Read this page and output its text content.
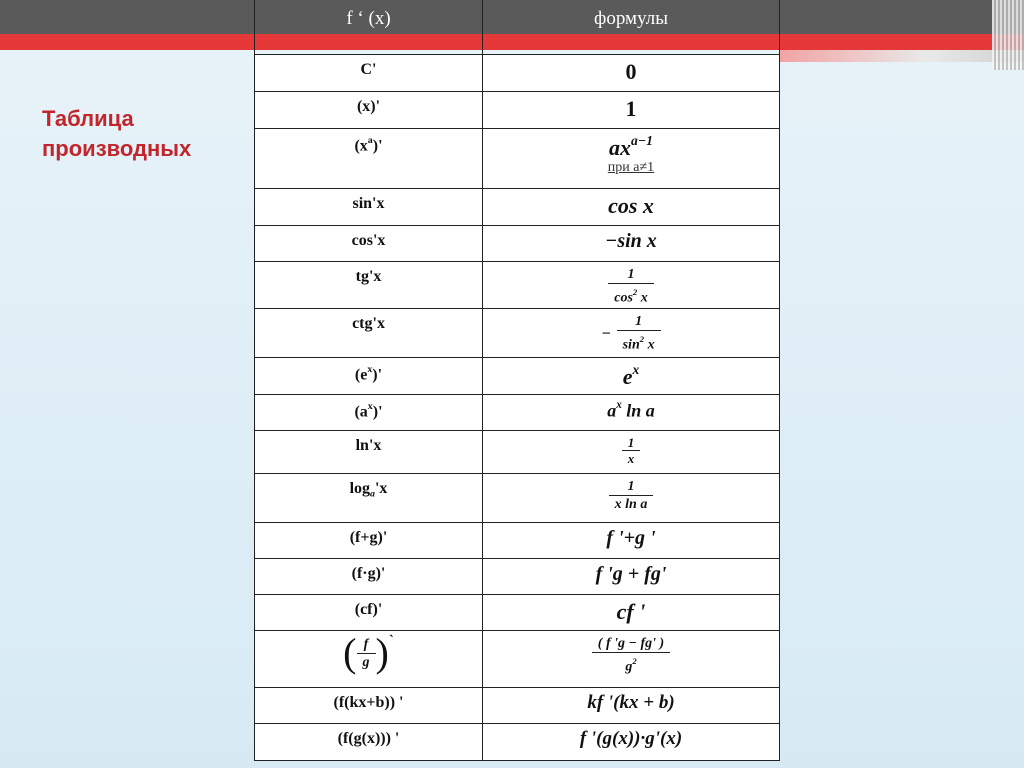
Таблица
производных
f ‘ (x)	формулы
C'	0
(x)'	1
$(x^a)'$	$ax^{a-1}$
при a≠1

sin'x	cos x
cos'x	−sin x
tg'x	$\frac{1}{\cos^2 x}$

ctg'x	− $\frac{1}{\sin^2 x}$

$(e^x)'$	$e^x$
$(a^x)'$	$a^x$ ln a
ln'x	$\frac{1}{x}$

$\log_a'x$	$\frac{1}{\text{x ln a}}$

(f+g)'	f '+g '
(f·g)'	f 'g + fg'
(cf)'	cf '

( $\frac{f}{g}$ ) `	$\frac{( f 'g - fg' )}{g^2}$

(f(kx+b)) '	kf '(kx + b)
(f(g(x))) '	f '(g(x))·g'(x)
